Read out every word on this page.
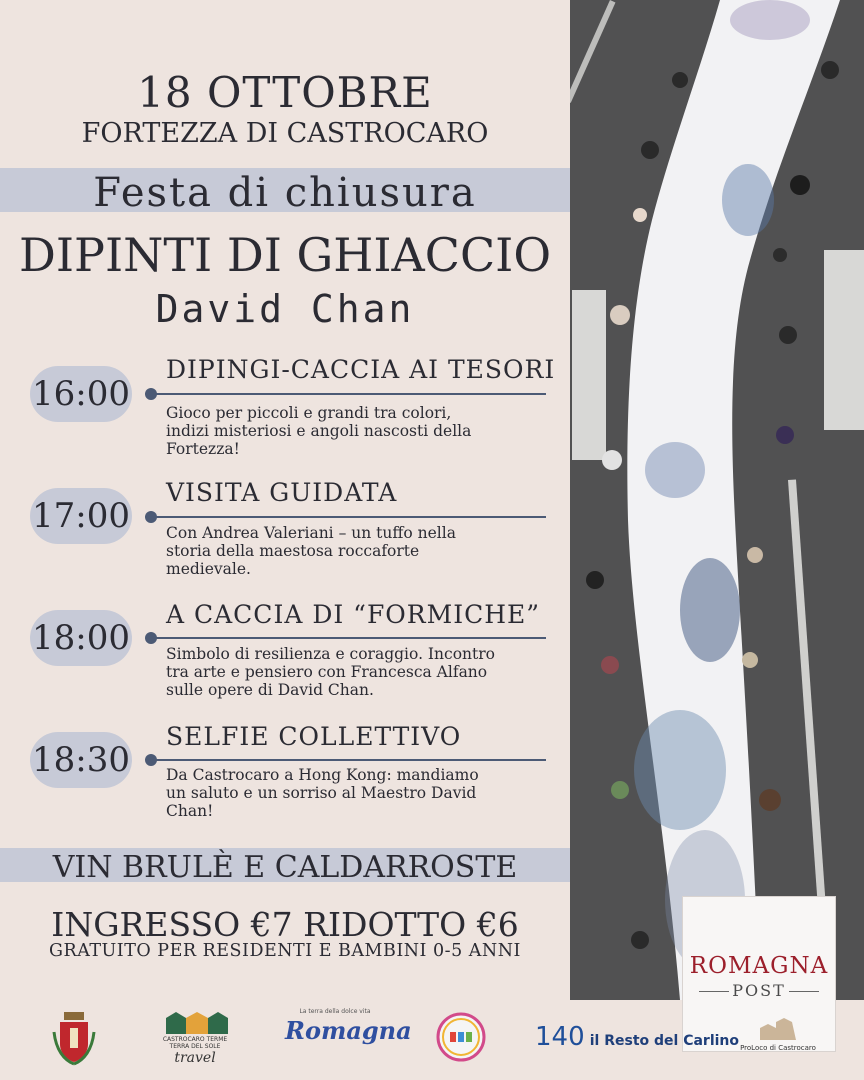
18 OTTOBRE
FORTEZZA DI CASTROCARO
Festa di chiusura
DIPINTI DI GHIACCIO
David Chan
16:00
DIPINGI-CACCIA AI TESORI
Gioco per piccoli e grandi tra colori,
indizi misteriosi e angoli nascosti della
Fortezza!
17:00
VISITA GUIDATA
Con Andrea Valeriani – un tuffo nella
storia della maestosa roccaforte
medievale.
18:00
A CACCIA DI “FORMICHE”
Simbolo di resilienza e coraggio. Incontro
tra arte e pensiero con Francesca Alfano
sulle opere di David Chan.
18:30
SELFIE COLLETTIVO
Da Castrocaro a Hong Kong: mandiamo
un saluto e un sorriso al Maestro David
Chan!
VIN BRULÈ E CALDARROSTE
INGRESSO €7 RIDOTTO €6
GRATUITO PER RESIDENTI E BAMBINI 0-5 ANNI
ROMAGNA
POST
CASTROCARO TERME
TERRA DEL SOLE
travel
La terra della dolce vita
Romagna	140 il Resto del Carlino ProLoco di Castrocaro
